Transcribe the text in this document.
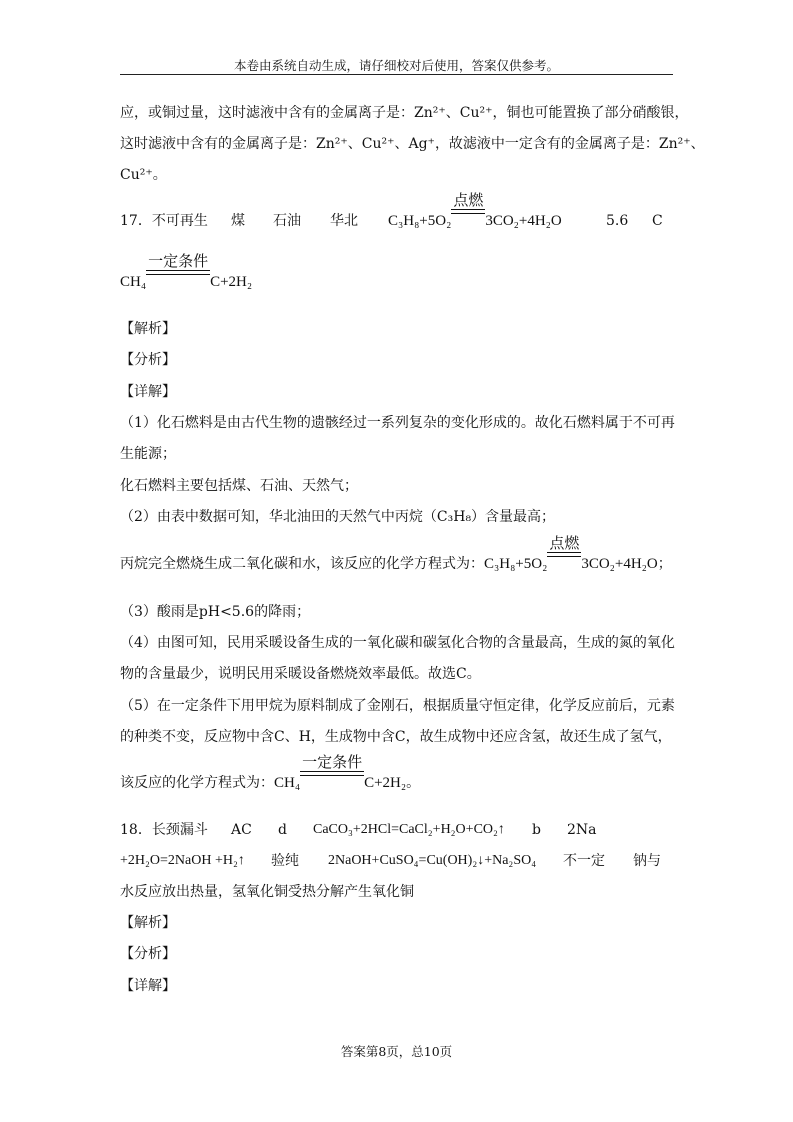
本卷由系统自动生成，请仔细校对后使用，答案仅供参考。
应，或铜过量，这时滤液中含有的金属离子是：Zn²⁺、Cu²⁺，铜也可能置换了部分硝酸银，
这时滤液中含有的金属离子是：Zn²⁺、Cu²⁺、Ag⁺，故滤液中一定含有的金属离子是：Zn²⁺、
Cu²⁺。
17．不可再生 煤 石油 华北 C₃H₈+5O₂
点燃
3CO₂+4H₂O	5.6 C
CH₄
一定条件
C+2H₂
【解析】
【分析】
【详解】
（1）化石燃料是由古代生物的遗骸经过一系列复杂的变化形成的。故化石燃料属于不可再
生能源；
化石燃料主要包括煤、石油、天然气；
（2）由表中数据可知，华北油田的天然气中丙烷（C₃H₈）含量最高；
丙烷完全燃烧生成二氧化碳和水，该反应的化学方程式为：C₃H₈+5O₂
点燃
3CO₂+4H₂O；
（3）酸雨是pH<5.6的降雨；
（4）由图可知，民用采暖设备生成的一氧化碳和碳氢化合物的含量最高，生成的氮的氧化
物的含量最少，说明民用采暖设备燃烧效率最低。故选C。
（5）在一定条件下用甲烷为原料制成了金刚石，根据质量守恒定律，化学反应前后，元素
的种类不变，反应物中含C、H，生成物中含C，故生成物中还应含氢，故还生成了氢气，
该反应的化学方程式为：CH₄
一定条件
C+2H₂。
18．长颈漏斗 AC d CaCO₃+2HCl=CaCl₂+H₂O+CO₂↑ b 2Na
+2H₂O=2NaOH +H₂↑ 验纯 2NaOH+CuSO₄=Cu(OH)₂↓+Na₂SO₄ 不一定 钠与
水反应放出热量，氢氧化铜受热分解产生氧化铜
【解析】
【分析】
【详解】
答案第8页，总10页
